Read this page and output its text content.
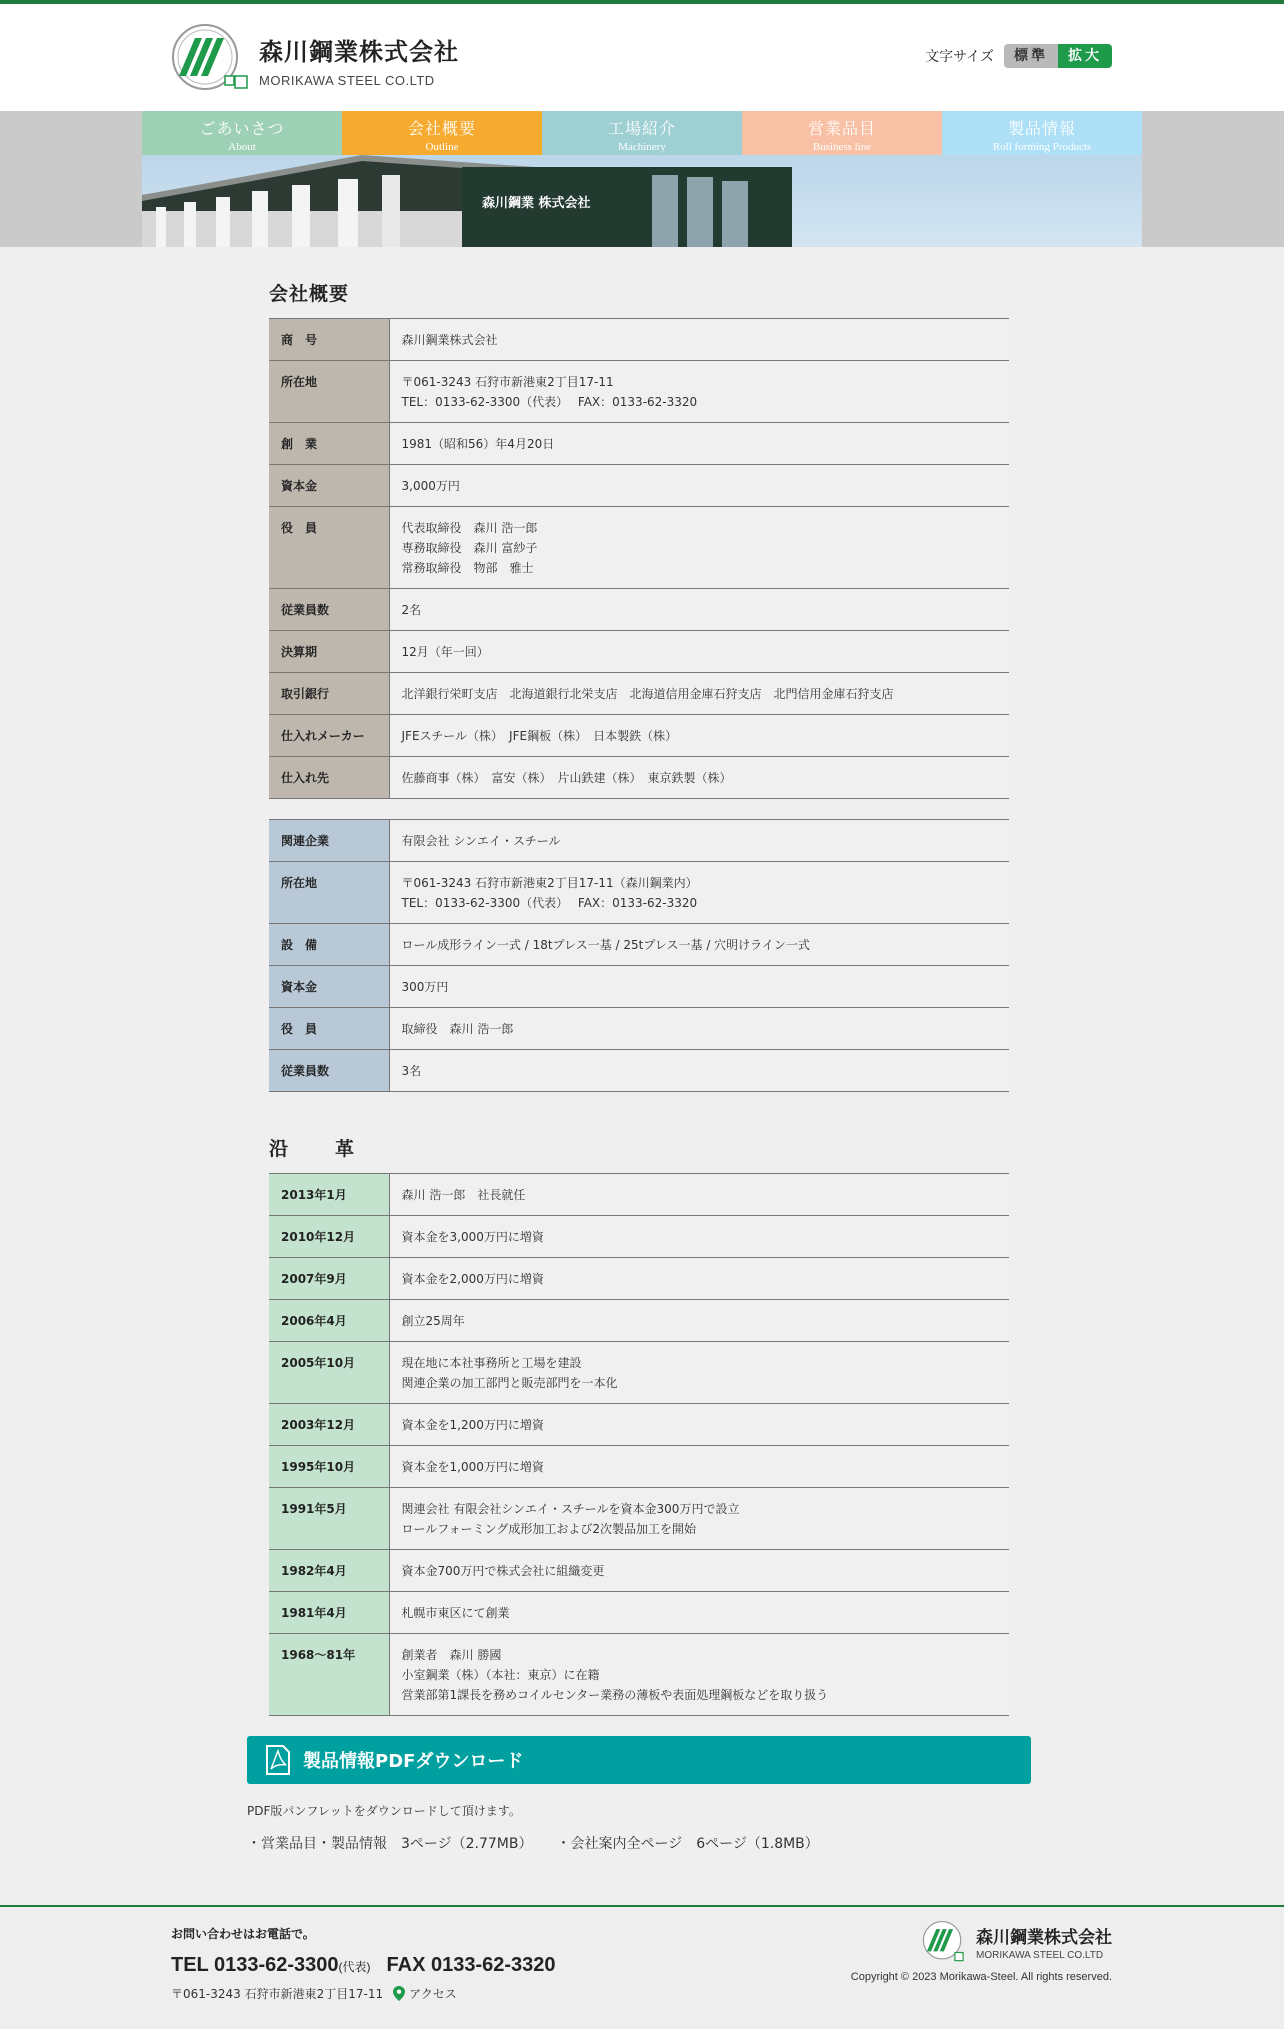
森川鋼業株式会社
MORIKAWA STEEL CO.LTD
文字サイズ	標準	拡大
ごあいさつ
About
会社概要
Outline
工場紹介
Machinery
営業品目
Business line
製品情報
Roll forming Products
森川鋼業 株式会社
会社概要
商　号	森川鋼業株式会社

所在地	〒061-3243 石狩市新港東2丁目17-11
TEL：0133-62-3300（代表）　 FAX：0133-62-3320

創　業	1981（昭和56）年4月20日

資本金	3,000万円

役　員	代表取締役　森川 浩一郎
専務取締役　森川 富紗子
常務取締役　物部　雅士

従業員数	2名

決算期	12月（年一回）

取引銀行	北洋銀行栄町支店　北海道銀行北栄支店　北海道信用金庫石狩支店　北門信用金庫石狩支店

仕入れメーカー	JFEスチール（株）　JFE鋼板（株）　日本製鉄（株）

仕入れ先	佐藤商事（株）　富安（株）　片山鉄建（株）　東京鉄製（株）
関連企業	有限会社 シンエイ・スチール

所在地	〒061-3243 石狩市新港東2丁目17-11（森川鋼業内）
TEL：0133-62-3300（代表）　 FAX：0133-62-3320

設　備	ロール成形ライン一式 / 18tプレス一基 / 25tプレス一基 / 穴明けライン一式

資本金	300万円

役　員	取締役　森川 浩一郎

従業員数	3名
沿　革
2013年1月	森川 浩一郎　社長就任

2010年12月	資本金を3,000万円に増資

2007年9月	資本金を2,000万円に増資

2006年4月	創立25周年

2005年10月	現在地に本社事務所と工場を建設
関連企業の加工部門と販売部門を一本化

2003年12月	資本金を1,200万円に増資

1995年10月	資本金を1,000万円に増資

1991年5月	関連会社 有限会社シンエイ・スチールを資本金300万円で設立
ロールフォーミング成形加工および2次製品加工を開始

1982年4月	資本金700万円で株式会社に組織変更

1981年4月	札幌市東区にて創業

1968〜81年	創業者　森川 勝國
小室鋼業（株）（本社：東京）に在籍
営業部第1課長を務めコイルセンター業務の薄板や表面処理鋼板などを取り扱う
製品情報PDFダウンロード

PDF版パンフレットをダウンロードして頂けます。

・営業品目・製品情報　3ページ（2.77MB） ・会社案内全ページ　6ページ（1.8MB）
お問い合わせはお電話で。
TEL 0133-62-3300 (代表) FAX 0133-62-3320
〒061-3243 石狩市新港東2丁目17-11 アクセス
森川鋼業株式会社
MORIKAWA STEEL CO.LTD
Copyright © 2023 Morikawa-Steel. All rights reserved.
